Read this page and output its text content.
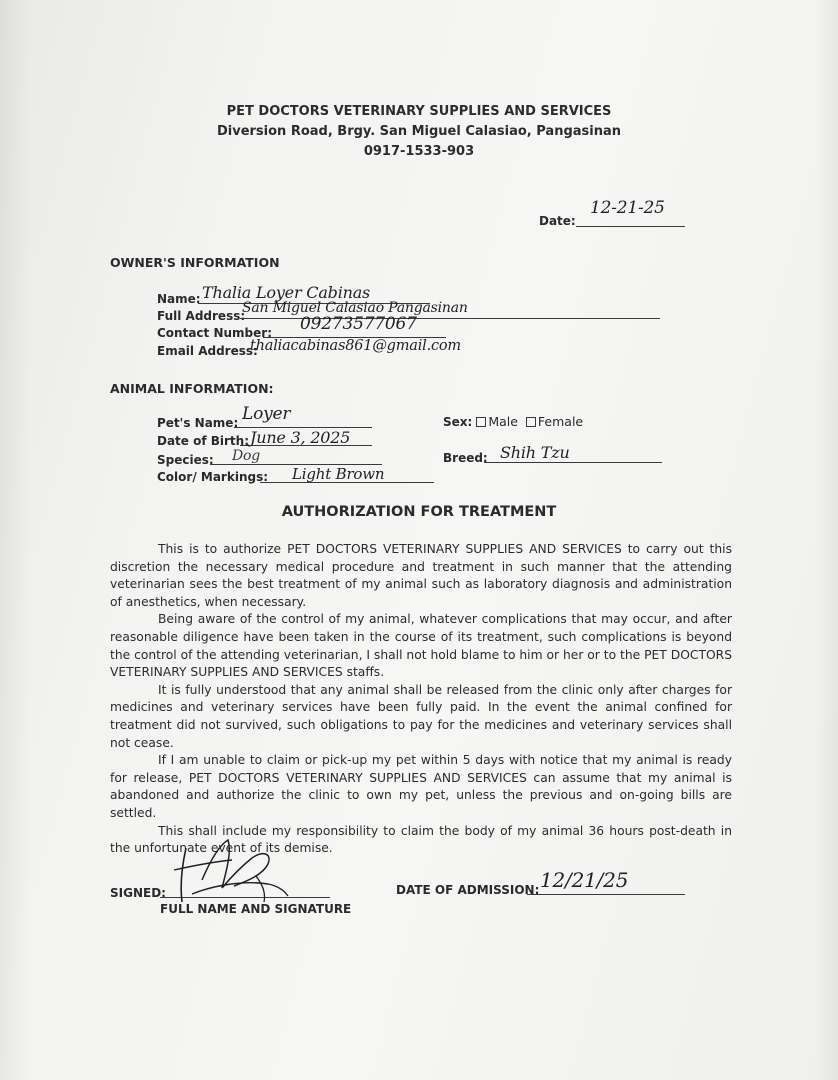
PET DOCTORS VETERINARY SUPPLIES AND SERVICES
Diversion Road, Brgy. San Miguel Calasiao, Pangasinan
0917-1533-903
Date:
12-21-25
OWNER'S INFORMATION
Name: Thalia Loyer Cabinas
Full Address:
San Miguel Calasiao Pangasinan
Contact Number: 09273577067
Email Address:
thaliacabinas861@gmail.com
ANIMAL INFORMATION:
Pet's Name: Loyer
Date of Birth: June 3, 2025
Species: Dog
Color/ Markings: Light Brown
Sex: Male Female
Breed: Shih Tzu
AUTHORIZATION FOR TREATMENT

This is to authorize PET DOCTORS VETERINARY SUPPLIES AND SERVICES to carry out this discretion the necessary medical procedure and treatment in such manner that the attending veterinarian sees the best treatment of my animal such as laboratory diagnosis and administration of anesthetics, when necessary.

Being aware of the control of my animal, whatever complications that may occur, and after reasonable diligence have been taken in the course of its treatment, such complications is beyond the control of the attending veterinarian, I shall not hold blame to him or her or to the PET DOCTORS VETERINARY SUPPLIES AND SERVICES staffs.

It is fully understood that any animal shall be released from the clinic only after charges for medicines and veterinary services have been fully paid. In the event the animal confined for treatment did not survived, such obligations to pay for the medicines and veterinary services shall not cease.

If I am unable to claim or pick-up my pet within 5 days with notice that my animal is ready for release, PET DOCTORS VETERINARY SUPPLIES AND SERVICES can assume that my animal is abandoned and authorize the clinic to own my pet, unless the previous and on-going bills are settled.

This shall include my responsibility to claim the body of my animal 36 hours post-death in the unfortunate event of its demise.

SIGNED:
FULL NAME AND SIGNATURE
DATE OF ADMISSION: 12/21/25
